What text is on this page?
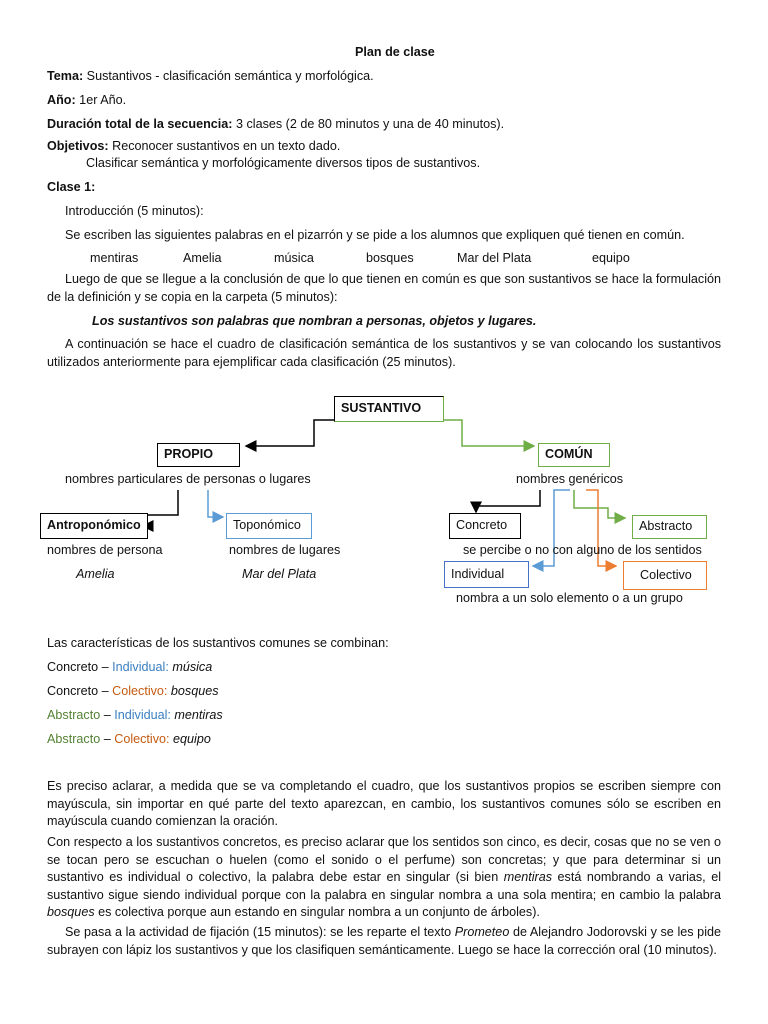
Plan de clase
Tema: Sustantivos - clasificación semántica y morfológica.
Año: 1er Año.
Duración total de la secuencia: 3 clases (2 de 80 minutos y una de 40 minutos).
Objetivos: Reconocer sustantivos en un texto dado.
Clasificar semántica y morfológicamente diversos tipos de sustantivos.
Clase 1:
Introducción (5 minutos):
Se escriben las siguientes palabras en el pizarrón y se pide a los alumnos que expliquen qué tienen en común.
mentiras	Amelia	música	bosques	Mar del Plata	equipo
Luego de que se llegue a la conclusión de que lo que tienen en común es que son sustantivos se hace la formulación de la definición y se copia en la carpeta (5 minutos):
Los sustantivos son palabras que nombran a personas, objetos y lugares.
A continuación se hace el cuadro de clasificación semántica de los sustantivos y se van colocando los sustantivos utilizados anteriormente para ejemplificar cada clasificación (25 minutos).
SUSTANTIVO
PROPIO
nombres particulares de personas o lugares
COMÚN
nombres genéricos
Antroponómico
nombres de persona
Amelia
Toponómico
nombres de lugares
Mar del Plata
Concreto	Abstracto
se percibe o no con alguno de los sentidos
Individual	Colectivo
nombra a un solo elemento o a un grupo
Las características de los sustantivos comunes se combinan:
Concreto – Individual: música
Concreto – Colectivo: bosques
Abstracto – Individual: mentiras
Abstracto – Colectivo: equipo
Es preciso aclarar, a medida que se va completando el cuadro, que los sustantivos propios se escriben siempre con mayúscula, sin importar en qué parte del texto aparezcan, en cambio, los sustantivos comunes sólo se escriben en mayúscula cuando comienzan la oración.
Con respecto a los sustantivos concretos, es preciso aclarar que los sentidos son cinco, es decir, cosas que no se ven o se tocan pero se escuchan o huelen (como el sonido o el perfume) son concretas; y que para determinar si un sustantivo es individual o colectivo, la palabra debe estar en singular (si bien mentiras está nombrando a varias, el sustantivo sigue siendo individual porque con la palabra en singular nombra a una sola mentira; en cambio la palabra bosques es colectiva porque aun estando en singular nombra a un conjunto de árboles).
Se pasa a la actividad de fijación (15 minutos): se les reparte el texto Prometeo de Alejandro Jodorovski y se les pide subrayen con lápiz los sustantivos y que los clasifiquen semánticamente. Luego se hace la corrección oral (10 minutos).
